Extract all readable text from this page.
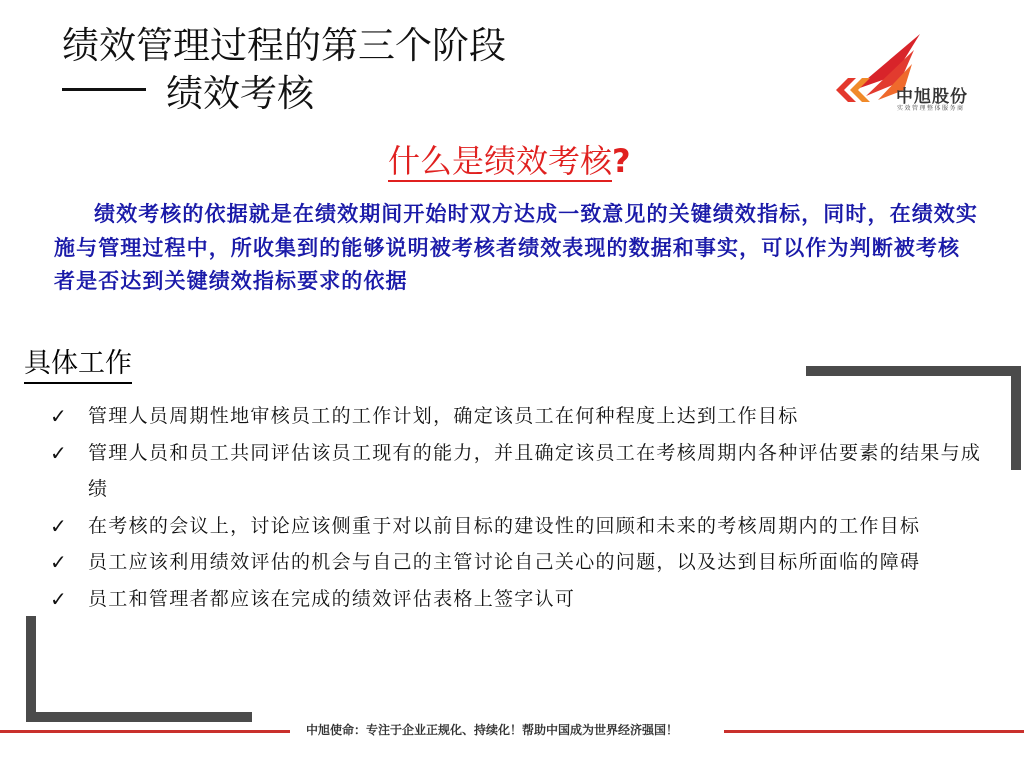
绩效管理过程的第三个阶段
绩效考核	中旭股份
实效管理整体服务商
什么是绩效考核?
绩效考核的依据就是在绩效期间开始时双方达成一致意见的关键绩效指标，同时，在绩效实施与管理过程中，所收集到的能够说明被考核者绩效表现的数据和事实，可以作为判断被考核者是否达到关键绩效指标要求的依据
具体工作
✓ 管理人员周期性地审核员工的工作计划，确定该员工在何种程度上达到工作目标
✓ 管理人员和员工共同评估该员工现有的能力，并且确定该员工在考核周期内各种评估要素的结果与成绩
✓ 在考核的会议上，讨论应该侧重于对以前目标的建设性的回顾和未来的考核周期内的工作目标
✓ 员工应该利用绩效评估的机会与自己的主管讨论自己关心的问题，以及达到目标所面临的障碍
✓ 员工和管理者都应该在完成的绩效评估表格上签字认可
中旭使命：专注于企业正规化、持续化！帮助中国成为世界经济强国！
